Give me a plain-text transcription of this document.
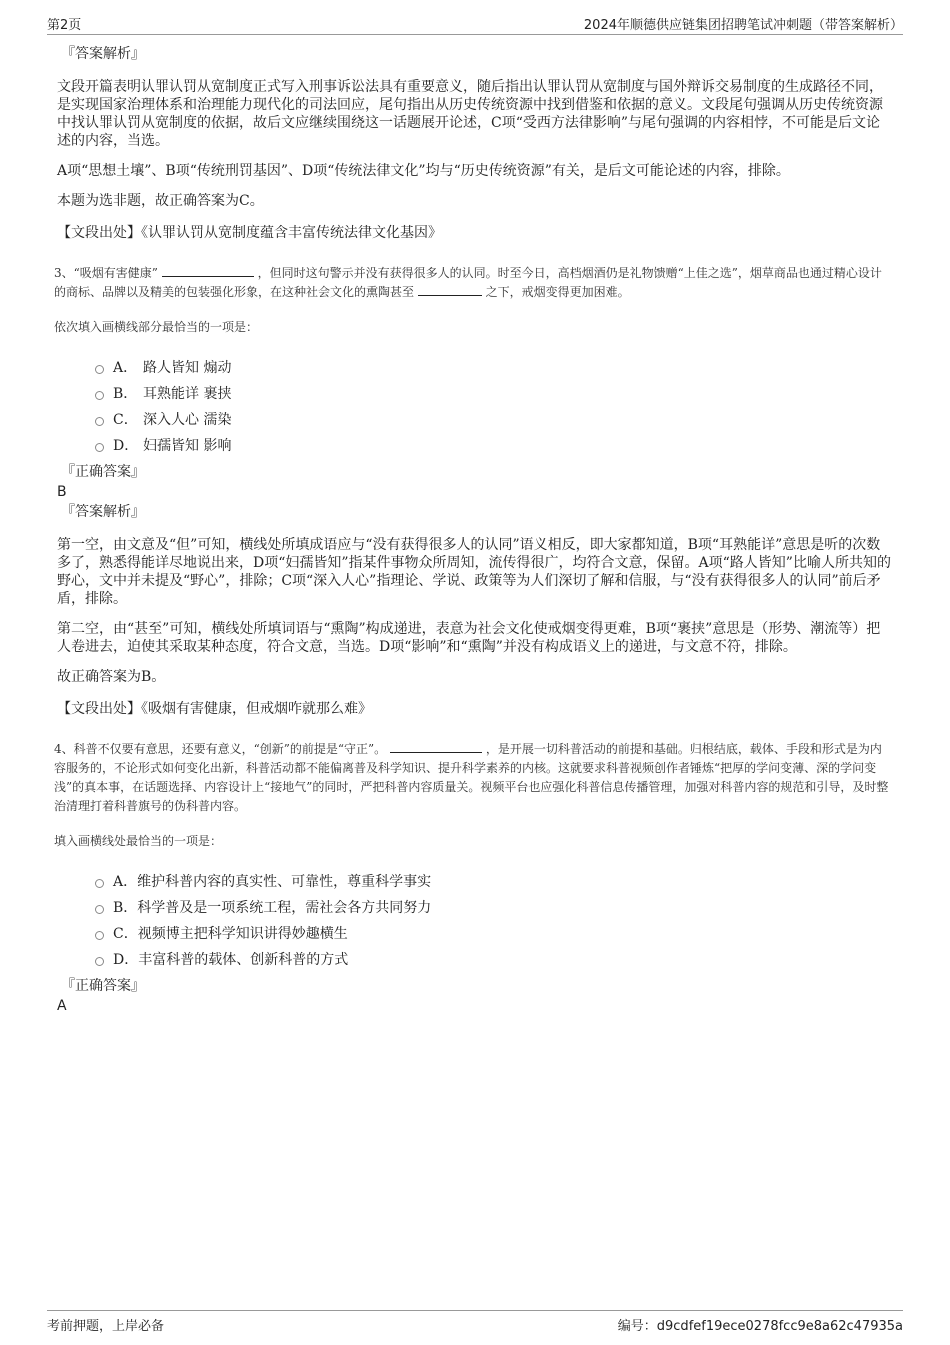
第2页	2024年顺德供应链集团招聘笔试冲刺题（带答案解析）
『答案解析』

文段开篇表明认罪认罚从宽制度正式写入刑事诉讼法具有重要意义，随后指出认罪认罚从宽制度与国外辩诉交易制度的生成路径不同，是实现国家治理体系和治理能力现代化的司法回应，尾句指出从历史传统资源中找到借鉴和依据的意义。文段尾句强调从历史传统资源中找认罪认罚从宽制度的依据，故后文应继续围绕这一话题展开论述，C项“受西方法律影响”与尾句强调的内容相悖，不可能是后文论述的内容，当选。

A项“思想土壤”、B项“传统刑罚基因”、D项“传统法律文化”均与“历史传统资源”有关，是后文可能论述的内容，排除。

本题为选非题，故正确答案为C。

【文段出处】《认罪认罚从宽制度蕴含丰富传统法律文化基因》

3、“吸烟有害健康”	，但同时这句警示并没有获得很多人的认同。时至今日，高档烟酒仍是礼物馈赠“上佳之选”，烟草商品也通过精心设计的商标、品牌以及精美的包装强化形象，在这种社会文化的熏陶甚至	之下，戒烟变得更加困难。
依次填入画横线部分最恰当的一项是：
A． 路人皆知 煽动
B． 耳熟能详 裹挟
C． 深入人心 濡染
D． 妇孺皆知 影响
『正确答案』
B
『答案解析』

第一空，由文意及“但”可知，横线处所填成语应与“没有获得很多人的认同”语义相反，即大家都知道，B项“耳熟能详”意思是听的次数多了，熟悉得能详尽地说出来，D项“妇孺皆知”指某件事物众所周知，流传得很广，均符合文意，保留。A项“路人皆知”比喻人所共知的野心，文中并未提及“野心”，排除；C项“深入人心”指理论、学说、政策等为人们深切了解和信服，与“没有获得很多人的认同”前后矛盾，排除。

第二空，由“甚至”可知，横线处所填词语与“熏陶”构成递进，表意为社会文化使戒烟变得更难，B项“裹挟”意思是（形势、潮流等）把人卷进去，迫使其采取某种态度，符合文意，当选。D项“影响”和“熏陶”并没有构成语义上的递进，与文意不符，排除。

故正确答案为B。

【文段出处】《吸烟有害健康，但戒烟咋就那么难》

4、科普不仅要有意思，还要有意义，“创新”的前提是“守正”。	，是开展一切科普活动的前提和基础。归根结底，载体、手段和形式是为内容服务的，不论形式如何变化出新，科普活动都不能偏离普及科学知识、提升科学素养的内核。这就要求科普视频创作者锤炼“把厚的学问变薄、深的学问变浅”的真本事，在话题选择、内容设计上“接地气”的同时，严把科普内容质量关。视频平台也应强化科普信息传播管理，加强对科普内容的规范和引导，及时整治清理打着科普旗号的伪科普内容。
填入画横线处最恰当的一项是：
A． 维护科普内容的真实性、可靠性，尊重科学事实
B． 科学普及是一项系统工程，需社会各方共同努力
C． 视频博主把科学知识讲得妙趣横生
D． 丰富科普的载体、创新科普的方式
『正确答案』
A
考前押题，上岸必备	编号：d9cdfef19ece0278fcc9e8a62c47935a
